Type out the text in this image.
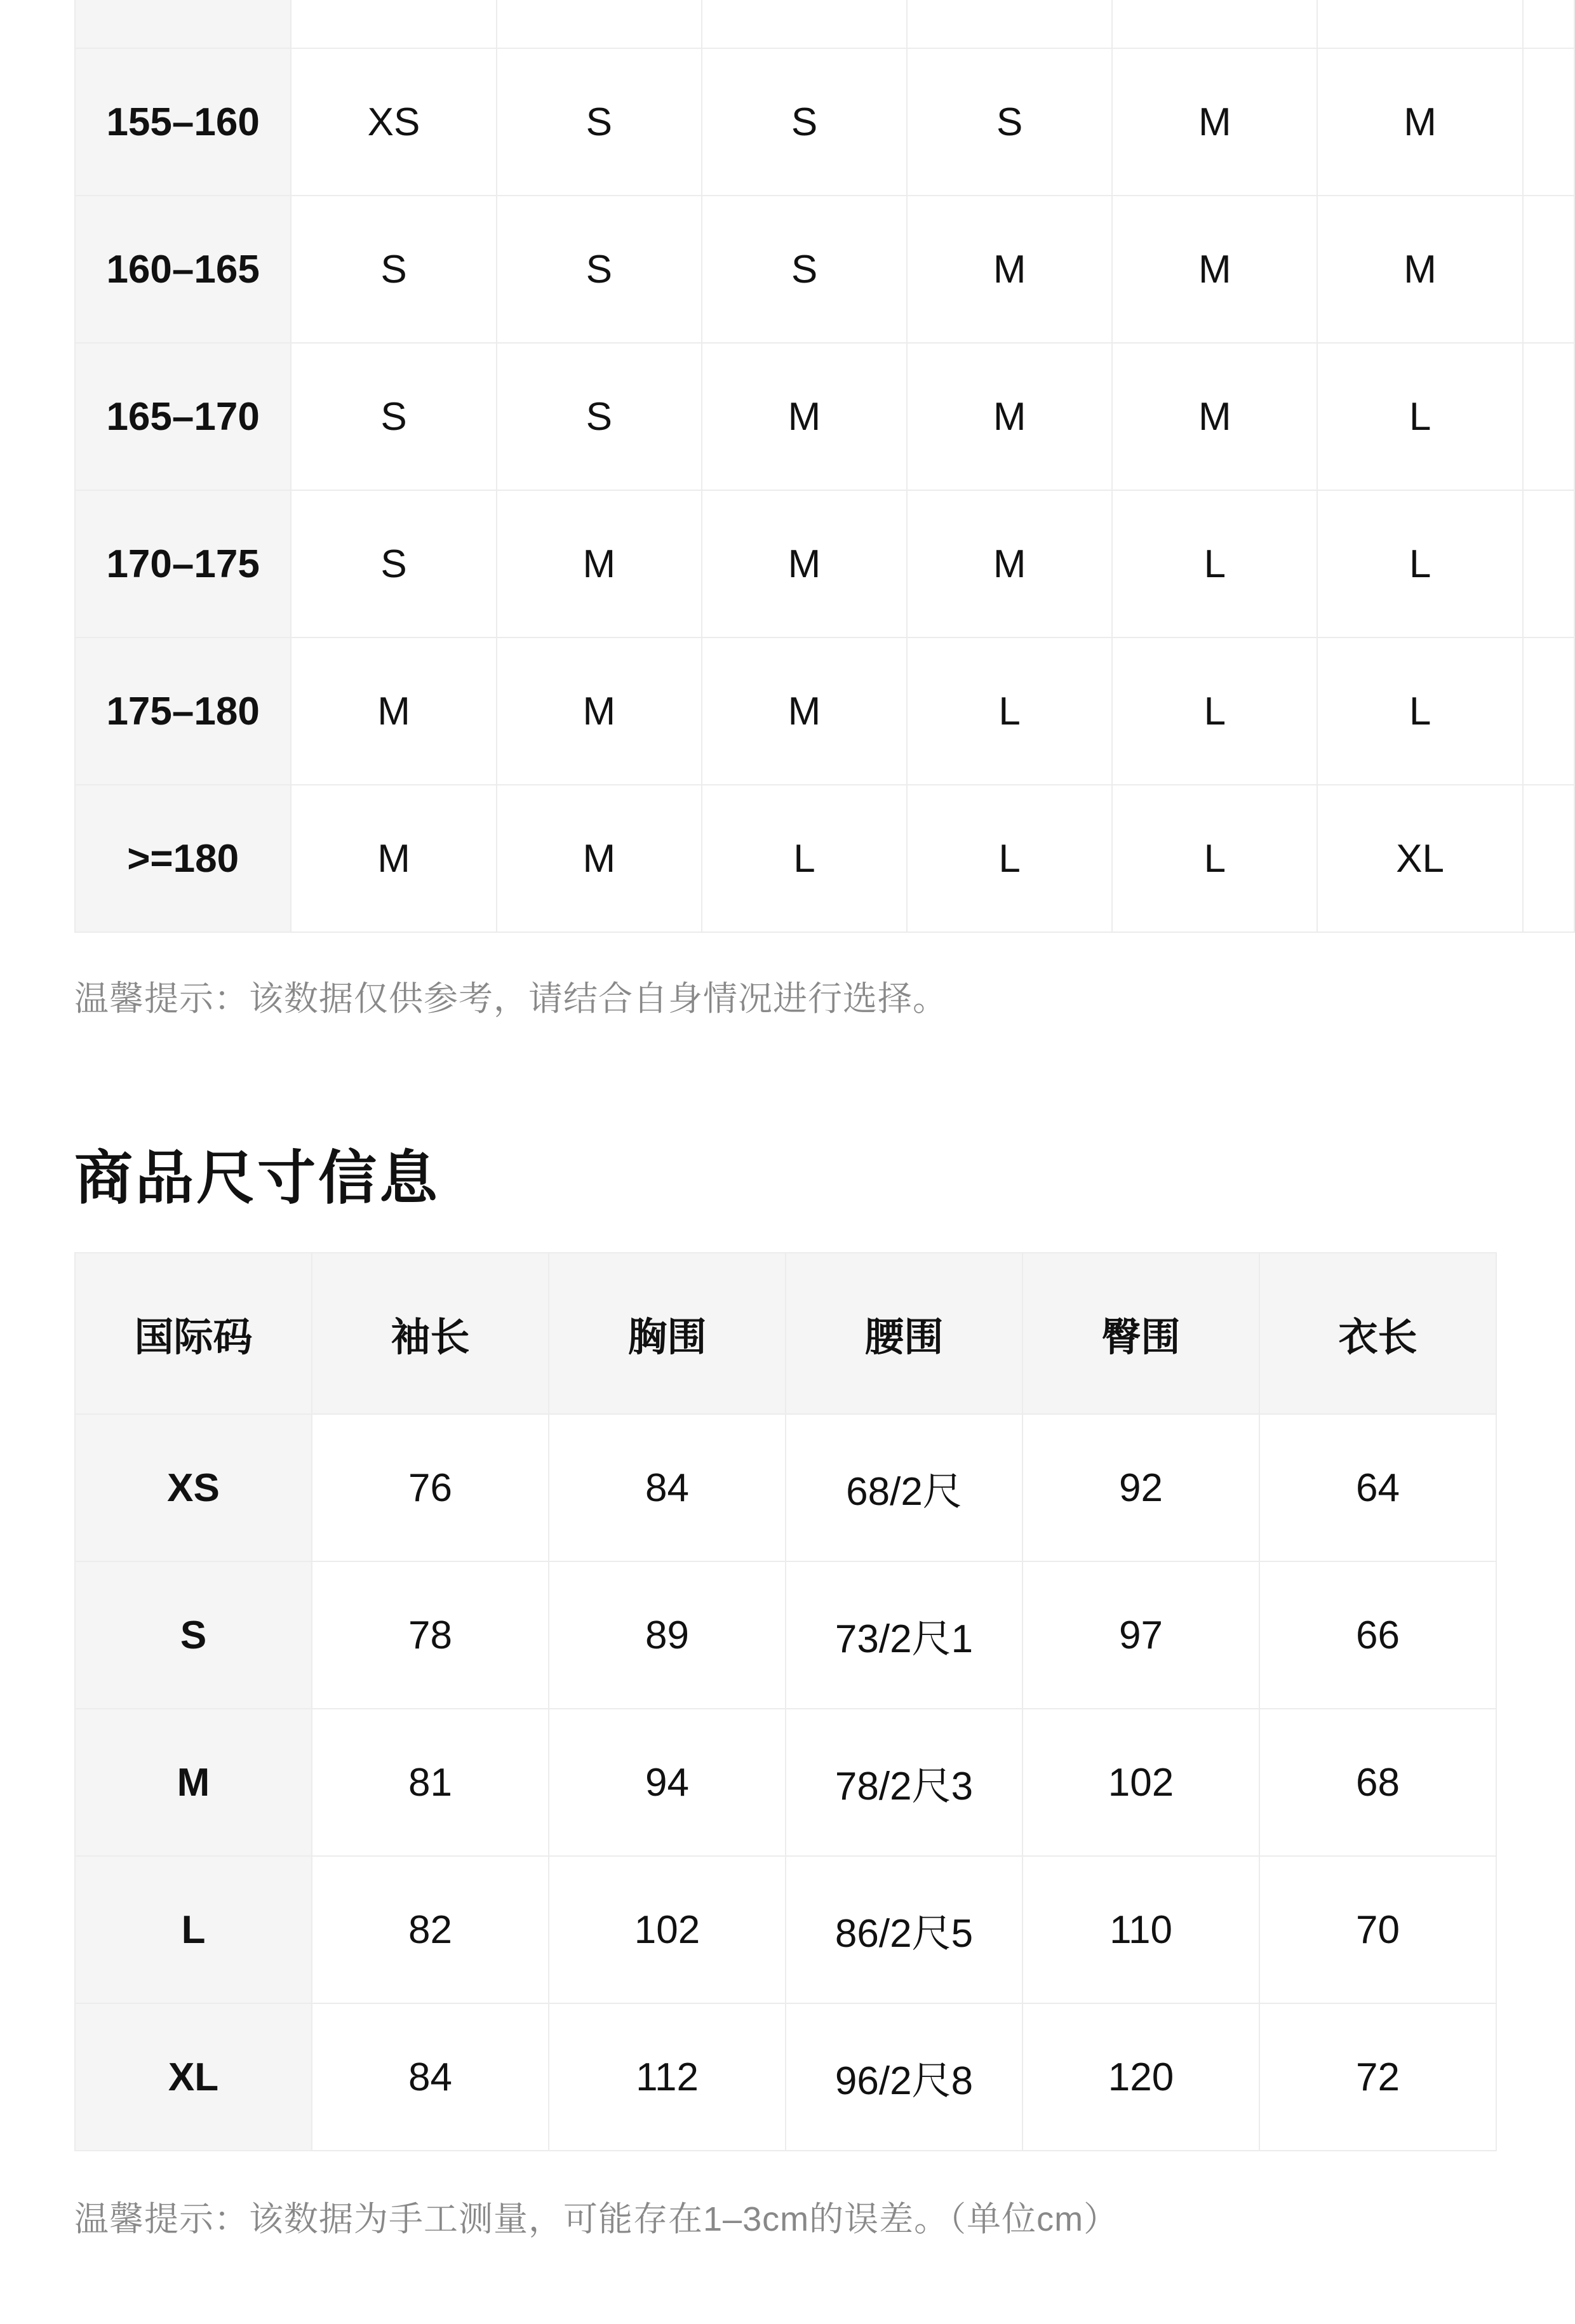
155–160	XS	S	S	S	M	M	
160–165	S	S	S	M	M	M	
165–170	S	S	M	M	M	L	
170–175	S	M	M	M	L	L	
175–180	M	M	M	L	L	L	
>=180	M	M	L	L	L	XL	
温馨提示：该数据仅供参考，请结合自身情况进行选择。
商品尺寸信息
国际码	袖长	胸围	腰围	臀围	衣长
XS	76	84	68/2尺	92	64
S	78	89	73/2尺1	97	66
M	81	94	78/2尺3	102	68
L	82	102	86/2尺5	110	70
XL	84	112	96/2尺8	120	72
温馨提示：该数据为手工测量，可能存在1–3cm的误差。（单位cm）
